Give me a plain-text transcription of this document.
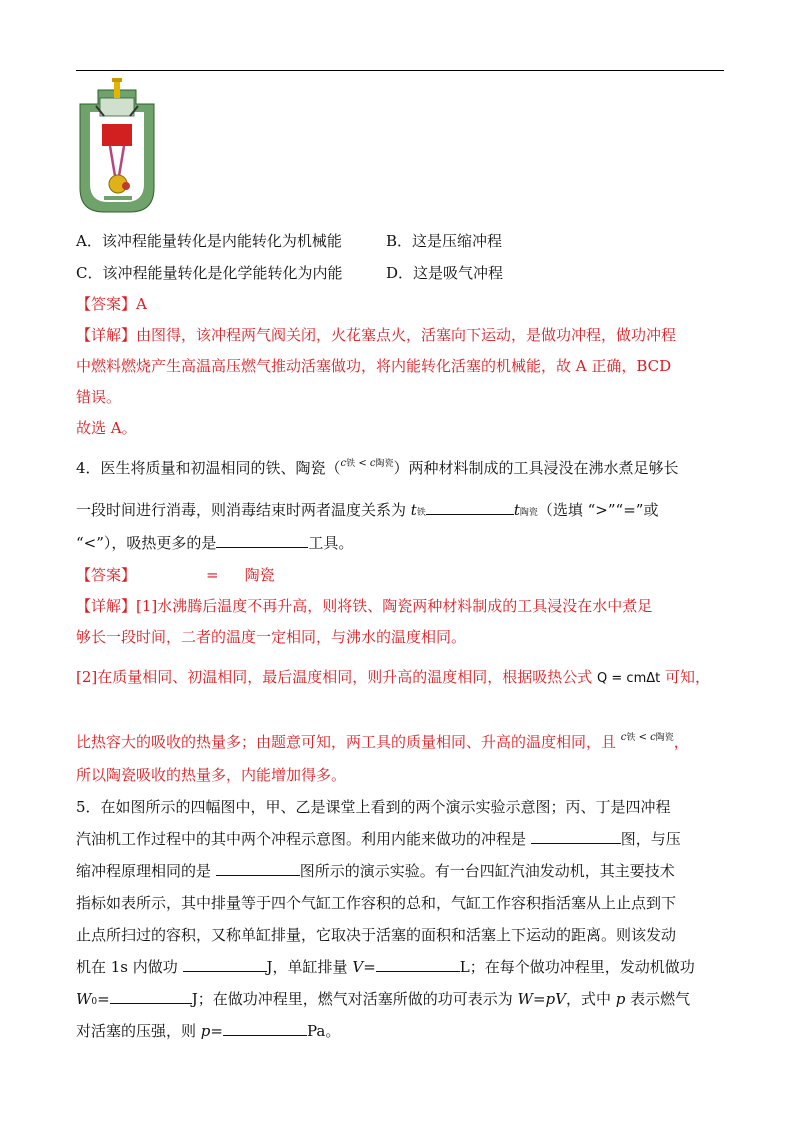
A．该冲程能量转化是内能转化为机械能	B．这是压缩冲程
C．该冲程能量转化是化学能转化为内能	D．这是吸气冲程
【答案】A
【详解】由图得，该冲程两气阀关闭，火花塞点火，活塞向下运动，是做功冲程，做功冲程
中燃料燃烧产生高温高压燃气推动活塞做功，将内能转化活塞的机械能，故 A 正确，BCD
错误。
故选 A。
4．医生将质量和初温相同的铁、陶瓷（$^{c铁 < c陶瓷}$）两种材料制成的工具浸没在沸水煮足够长
一段时间进行消毒，则消毒结束时两者温度关系为 t铁	t陶瓷（选填 “>”“=”或
“<”），吸热更多的是	工具。
【答案】	= 陶瓷
【详解】[1]水沸腾后温度不再升高，则将铁、陶瓷两种材料制成的工具浸没在水中煮足
够长一段时间，二者的温度一定相同，与沸水的温度相同。
[2]在质量相同、初温相同，最后温度相同，则升高的温度相同，根据吸热公式 Q = cmΔt 可知，
比热容大的吸收的热量多；由题意可知，两工具的质量相同、升高的温度相同，且 $^{c铁 < c陶瓷}$，
所以陶瓷吸收的热量多，内能增加得多。
5．在如图所示的四幅图中，甲、乙是课堂上看到的两个演示实验示意图；丙、丁是四冲程
汽油机工作过程中的其中两个冲程示意图。利用内能来做功的冲程是	图，与压
缩冲程原理相同的是	图所示的演示实验。有一台四缸汽油发动机，其主要技术
指标如表所示，其中排量等于四个气缸工作容积的总和，气缸工作容积指活塞从上止点到下
止点所扫过的容积，又称单缸排量，它取决于活塞的面积和活塞上下运动的距离。则该发动
机在 1s 内做功	J，单缸排量 V=	L；在每个做功冲程里，发动机做功
W0=	J；在做功冲程里，燃气对活塞所做的功可表示为 W=pV，式中 p 表示燃气
对活塞的压强，则 p=	Pa。
